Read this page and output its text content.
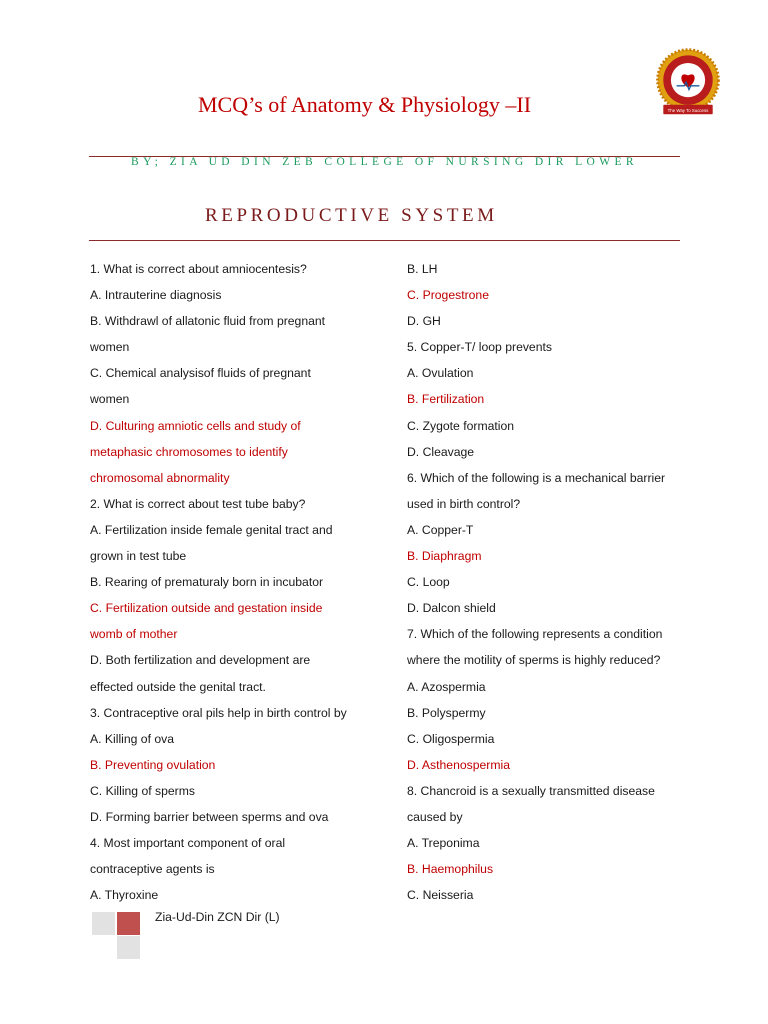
MCQ’s of Anatomy & Physiology –II	The Way To Success
BY; ZIA UD DIN ZEB COLLEGE OF NURSING DIR LOWER
REPRODUCTIVE SYSTEM
1. What is correct about amniocentesis?
A. Intrauterine diagnosis
B. Withdrawl of allatonic fluid from pregnant
women
C. Chemical analysisof fluids of pregnant
women
D. Culturing amniotic cells and study of
metaphasic chromosomes to identify
chromosomal abnormality
2. What is correct about test tube baby?
A. Fertilization inside female genital tract and
grown in test tube
B. Rearing of prematuraly born in incubator
C. Fertilization outside and gestation inside
womb of mother
D. Both fertilization and development are
effected outside the genital tract.
3. Contraceptive oral pils help in birth control by
A. Killing of ova
B. Preventing ovulation
C. Killing of sperms
D. Forming barrier between sperms and ova
4. Most important component of oral
contraceptive agents is
A. Thyroxine
B. LH
C. Progestrone
D. GH
5. Copper-T/ loop prevents
A. Ovulation
B. Fertilization
C. Zygote formation
D. Cleavage
6. Which of the following is a mechanical barrier
used in birth control?
A. Copper-T
B. Diaphragm
C. Loop
D. Dalcon shield
7. Which of the following represents a condition
where the motility of sperms is highly reduced?
A. Azospermia
B. Polyspermy
C. Oligospermia
D. Asthenospermia
8. Chancroid is a sexually transmitted disease
caused by
A. Treponima
B. Haemophilus
C. Neisseria
Zia-Ud-Din ZCN Dir (L)
